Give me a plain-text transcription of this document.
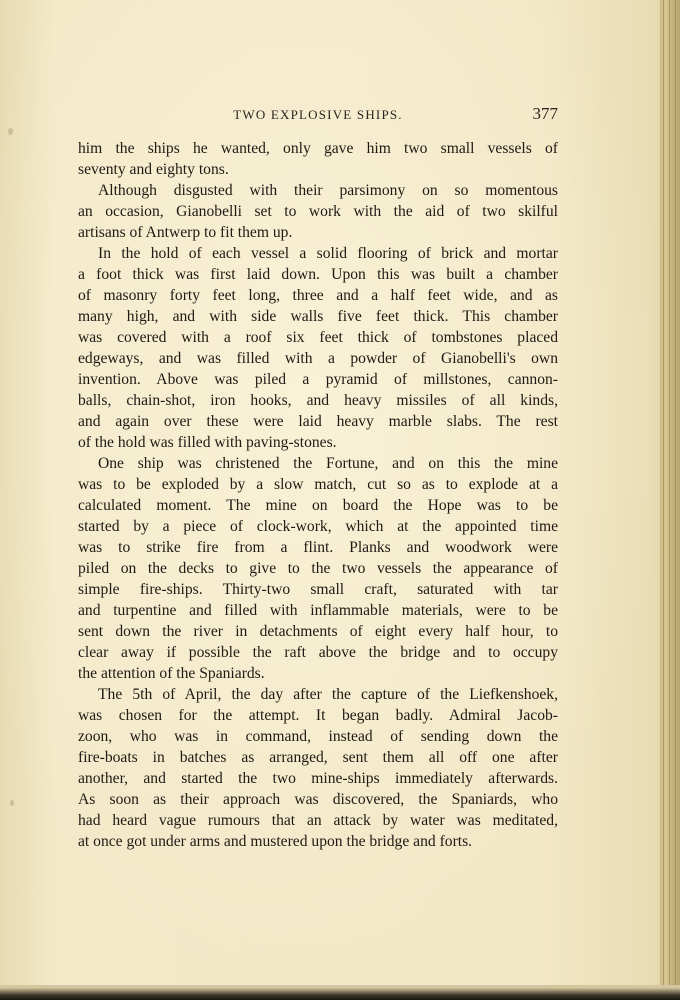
TWO EXPLOSIVE SHIPS.	377
him the ships he wanted, only gave him two small vessels of
seventy and eighty tons.
Although disgusted with their parsimony on so momentous
an occasion, Gianobelli set to work with the aid of two skilful
artisans of Antwerp to fit them up.
In the hold of each vessel a solid flooring of brick and mortar
a foot thick was first laid down. Upon this was built a chamber
of masonry forty feet long, three and a half feet wide, and as
many high, and with side walls five feet thick. This chamber
was covered with a roof six feet thick of tombstones placed
edgeways, and was filled with a powder of Gianobelli's own
invention. Above was piled a pyramid of millstones, cannon-
balls, chain-shot, iron hooks, and heavy missiles of all kinds,
and again over these were laid heavy marble slabs. The rest
of the hold was filled with paving-stones.
One ship was christened the Fortune, and on this the mine
was to be exploded by a slow match, cut so as to explode at a
calculated moment. The mine on board the Hope was to be
started by a piece of clock-work, which at the appointed time
was to strike fire from a flint. Planks and woodwork were
piled on the decks to give to the two vessels the appearance of
simple fire-ships. Thirty-two small craft, saturated with tar
and turpentine and filled with inflammable materials, were to be
sent down the river in detachments of eight every half hour, to
clear away if possible the raft above the bridge and to occupy
the attention of the Spaniards.
The 5th of April, the day after the capture of the Liefkenshoek,
was chosen for the attempt. It began badly. Admiral Jacob-
zoon, who was in command, instead of sending down the
fire-boats in batches as arranged, sent them all off one after
another, and started the two mine-ships immediately afterwards.
As soon as their approach was discovered, the Spaniards, who
had heard vague rumours that an attack by water was meditated,
at once got under arms and mustered upon the bridge and forts.
